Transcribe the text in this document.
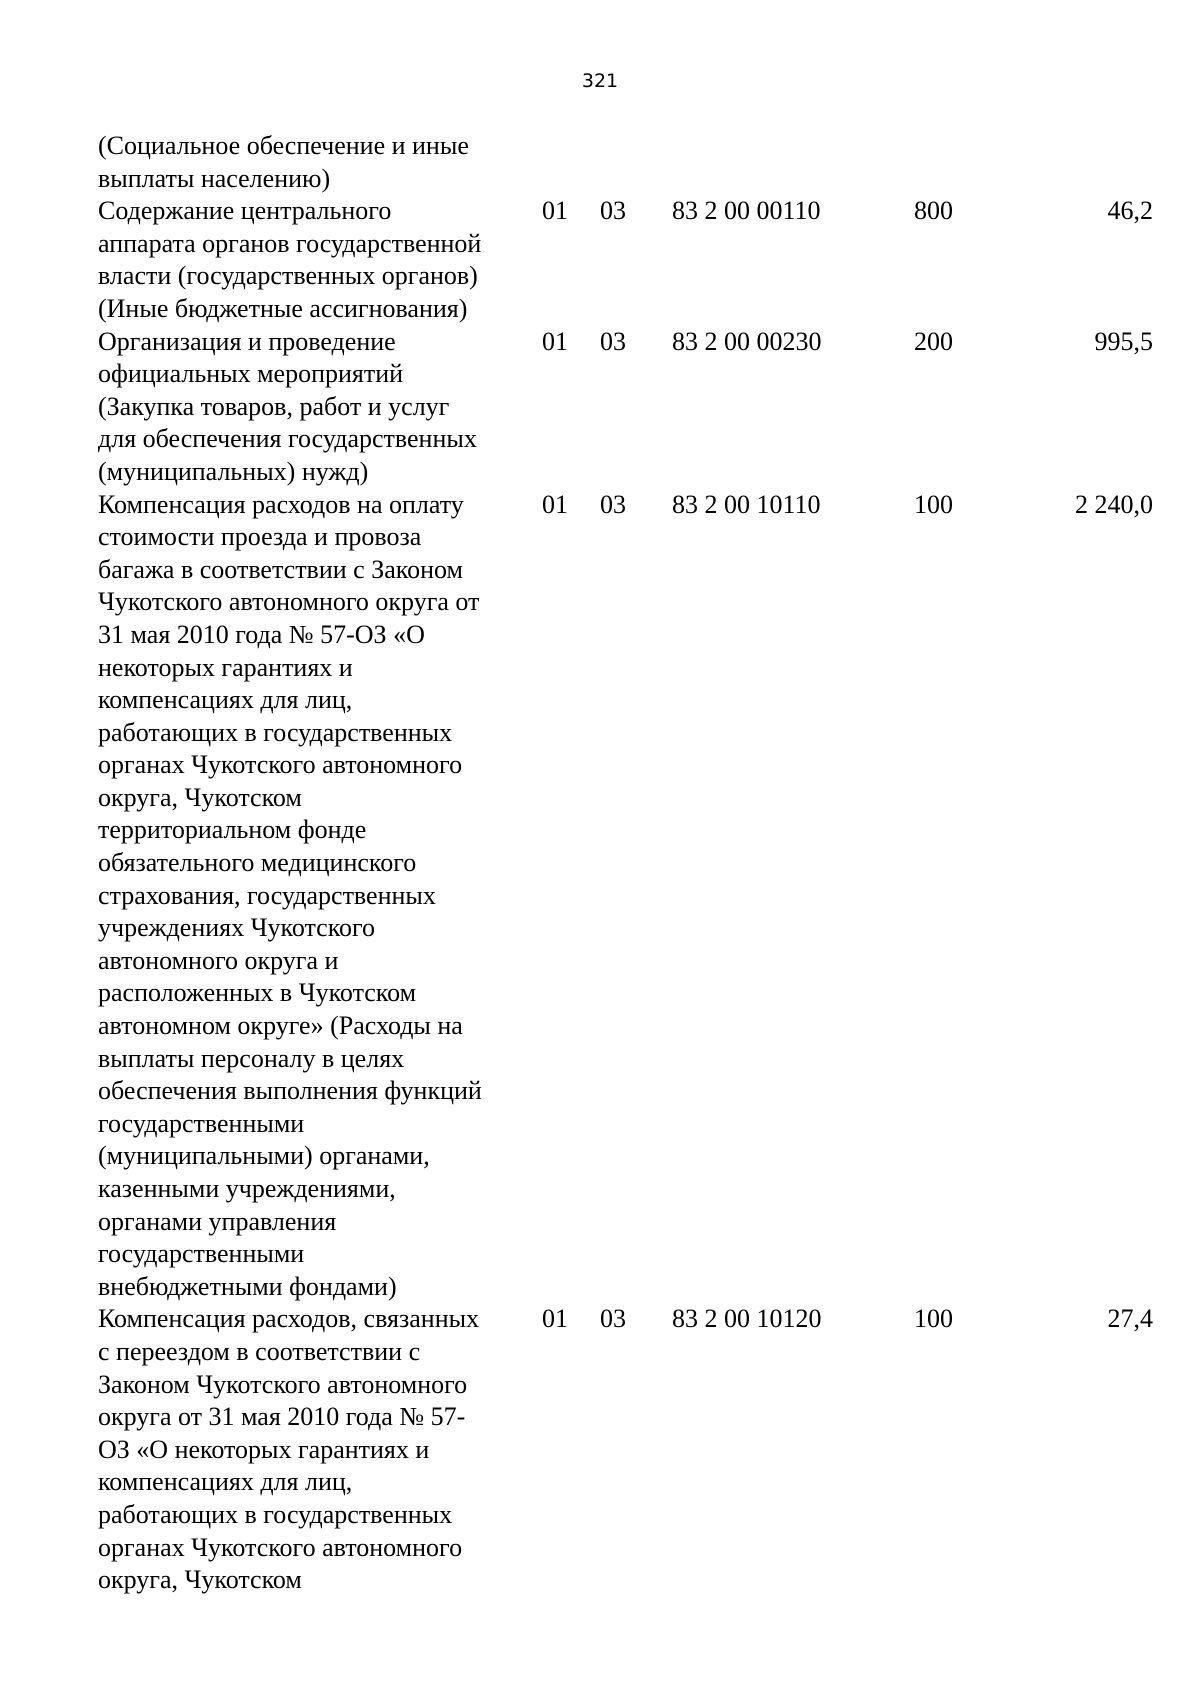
321
(Социальное обеспечение и иные
выплаты населению)
Содержание центрального
аппарата органов государственной
власти (государственных органов)
(Иные бюджетные ассигнования)
01 03 83 2 00 00110	800	46,2
Организация и проведение
официальных мероприятий
(Закупка товаров, работ и услуг
для обеспечения государственных
(муниципальных) нужд)
01 03 83 2 00 00230	200	995,5
Компенсация расходов на оплату
стоимости проезда и провоза
багажа в соответствии с Законом
Чукотского автономного округа от
31 мая 2010 года № 57-ОЗ «О
некоторых гарантиях и
компенсациях для лиц,
работающих в государственных
органах Чукотского автономного
округа, Чукотском
территориальном фонде
обязательного медицинского
страхования, государственных
учреждениях Чукотского
автономного округа и
расположенных в Чукотском
автономном округе» (Расходы на
выплаты персоналу в целях
обеспечения выполнения функций
государственными
(муниципальными) органами,
казенными учреждениями,
органами управления
государственными
внебюджетными фондами)
01 03 83 2 00 10110	100	2 240,0
Компенсация расходов, связанных
с переездом в соответствии с
Законом Чукотского автономного
округа от 31 мая 2010 года № 57-
ОЗ «О некоторых гарантиях и
компенсациях для лиц,
работающих в государственных
органах Чукотского автономного
округа, Чукотском
01 03 83 2 00 10120	100	27,4
